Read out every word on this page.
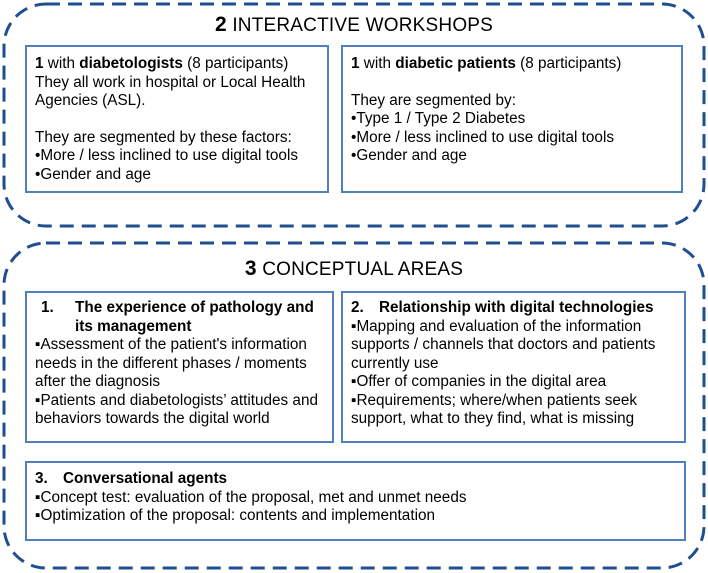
2 INTERACTIVE WORKSHOPS

1 with diabetologists (8 participants)

They all work in hospital or Local Health Agencies (ASL).

They are segmented by these factors:

• More / less inclined to use digital tools
• Gender and age

1 with diabetic patients (8 participants)

They are segmented by:

• Type 1 / Type 2 Diabetes
• More / less inclined to use digital tools
• Gender and age
3 CONCEPTUAL AREAS
1.	The experience of pathology and its management
▪ Assessment of the patient's information needs in the different phases / moments after the diagnosis
▪ Patients and diabetologists’ attitudes and behaviors towards the digital world
2. Relationship with digital technologies
▪ Mapping and evaluation of the information supports / channels that doctors and patients currently use
▪ Offer of companies in the digital area
▪ Requirements; where/when patients seek support, what to they find, what is missing
3. Conversational agents
▪ Concept test: evaluation of the proposal, met and unmet needs
▪ Optimization of the proposal: contents and implementation
